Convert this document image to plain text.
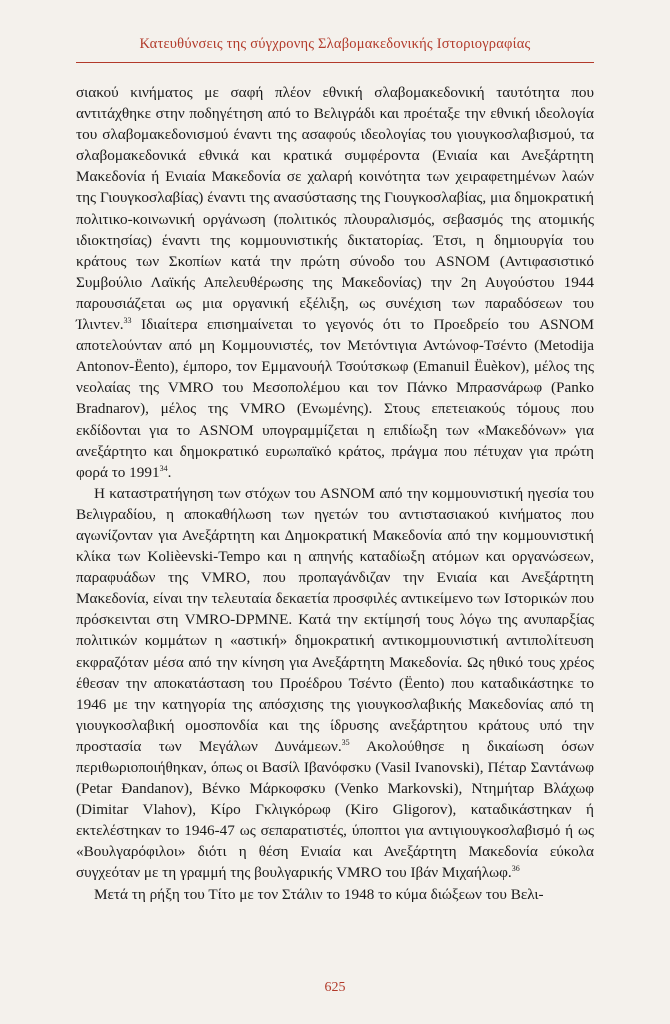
Κατευθύνσεις της σύγχρονης Σλαβομακεδονικής Ιστοριογραφίας

σιακού κινήματος με σαφή πλέον εθνική σλαβομακεδονική ταυτότητα που αντιτάχθηκε στην ποδηγέτηση από το Βελιγράδι και προέταξε την εθνική ιδεολογία του σλαβομακεδονισμού έναντι της ασαφούς ιδεολογίας του γιουγκοσλαβισμού, τα σλαβομακεδονικά εθνικά και κρατικά συμφέροντα (Ενιαία και Ανεξάρτητη Μακεδονία ή Ενιαία Μακεδονία σε χαλαρή κοινότητα των χειραφετημένων λαών της Γιουγκοσλαβίας) έναντι της ανασύστασης της Γιουγκοσλαβίας, μια δημοκρατική πολιτικο-κοινωνική οργάνωση (πολιτικός πλουραλισμός, σεβασμός της ατομικής ιδιοκτησίας) έναντι της κομμουνιστικής δικτατορίας. Έτσι, η δημιουργία του κράτους των Σκοπίων κατά την πρώτη σύνοδο του ASNOM (Αντιφασιστικό Συμβούλιο Λαϊκής Απελευθέρωσης της Μακεδονίας) την 2η Αυγούστου 1944 παρουσιάζεται ως μια οργανική εξέλιξη, ως συνέχιση των παραδόσεων του Ίλιντεν.$^{33}$ Ιδιαίτερα επισημαίνεται το γεγονός ότι το Προεδρείο του ASNOM αποτελούνταν από μη Κομμουνιστές, τον Μετόντιγια Αντώνοφ-Τσέντο (Metodija Antonov-Ëento), έμπορο, τον Εμμανουήλ Τσούτσκωφ (Emanuil Ëuèkov), μέλος της νεολαίας της VMRO του Μεσοπολέμου και τον Πάνκο Μπρασνάρωφ (Panko Bradnarov), μέλος της VMRO (Ενωμένης). Στους επετειακούς τόμους που εκδίδονται για το ASNOM υπογραμμίζεται η επιδίωξη των «Μακεδόνων» για ανεξάρτητο και δημοκρατικό ευρωπαϊκό κράτος, πράγμα που πέτυχαν για πρώτη φορά το 1991$^{34}$.

Η καταστρατήγηση των στόχων του ASNOM από την κομμουνιστική ηγεσία του Βελιγραδίου, η αποκαθήλωση των ηγετών του αντιστασιακού κινήματος που αγωνίζονταν για Ανεξάρτητη και Δημοκρατική Μακεδονία από την κομμουνιστική κλίκα των Kolièevski-Tempo και η απηνής καταδίωξη ατόμων και οργανώσεων, παραφυάδων της VMRO, που προπαγάνδιζαν την Ενιαία και Ανεξάρτητη Μακεδονία, είναι την τελευταία δεκαετία προσφιλές αντικείμενο των Ιστορικών που πρόσκεινται στη VMRO-DPMNE. Κατά την εκτίμησή τους λόγω της ανυπαρξίας πολιτικών κομμάτων η «αστική» δημοκρατική αντικομμουνιστική αντιπολίτευση εκφραζόταν μέσα από την κίνηση για Ανεξάρτητη Μακεδονία. Ως ηθικό τους χρέος έθεσαν την αποκατάσταση του Προέδρου Τσέντο (Ëento) που καταδικάστηκε το 1946 με την κατηγορία της απόσχισης της γιουγκοσλαβικής Μακεδονίας από τη γιουγκοσλαβική ομοσπονδία και της ίδρυσης ανεξάρτητου κράτους υπό την προστασία των Μεγάλων Δυνάμεων.$^{35}$ Ακολούθησε η δικαίωση όσων περιθωριοποιήθηκαν, όπως οι Βασίλ Ιβανόφσκυ (Vasil Ivanovski), Πέταρ Σαντάνωφ (Petar Ðandanov), Βένκο Μάρκοφσκυ (Venko Markovski), Ντημήταρ Βλάχωφ (Dimitar Vlahov), Κίρο Γκλιγκόρωφ (Kiro Gligorov), καταδικάστηκαν ή εκτελέστηκαν το 1946-47 ως σεπαρατιστές, ύποπτοι για αντιγιουγκοσλαβισμό ή ως «Βουλγαρόφιλοι» διότι η θέση Ενιαία και Ανεξάρτητη Μακεδονία εύκολα συγχεόταν με τη γραμμή της βουλγαρικής VMRO του Ιβάν Μιχαήλωφ.$^{36}$

Μετά τη ρήξη του Τίτο με τον Στάλιν το 1948 το κύμα διώξεων του Βελι-

625
